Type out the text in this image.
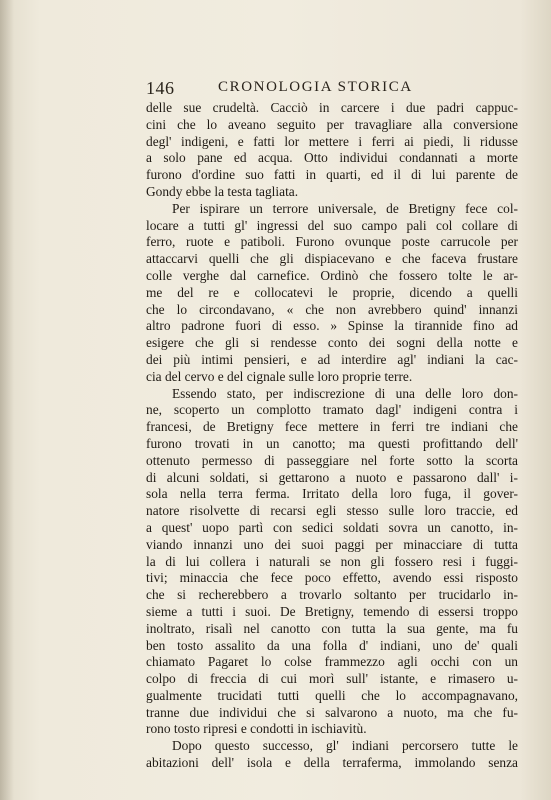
146	CRONOLOGIA STORICA
delle sue crudeltà. Cacciò in carcere i due padri cappuc-
cini che lo aveano seguito per travagliare alla conversione
degl' indigeni, e fatti lor mettere i ferri ai piedi, li ridusse
a solo pane ed acqua. Otto individui condannati a morte
furono d'ordine suo fatti in quarti, ed il di lui parente de
Gondy ebbe la testa tagliata.
Per ispirare un terrore universale, de Bretigny fece col-
locare a tutti gl' ingressi del suo campo pali col collare di
ferro, ruote e patiboli. Furono ovunque poste carrucole per
attaccarvi quelli che gli dispiacevano e che faceva frustare
colle verghe dal carnefice. Ordinò che fossero tolte le ar-
me del re e collocatevi le proprie, dicendo a quelli
che lo circondavano, « che non avrebbero quind' innanzi
altro padrone fuori di esso. » Spinse la tirannide fino ad
esigere che gli si rendesse conto dei sogni della notte e
dei più intimi pensieri, e ad interdire agl' indiani la cac-
cia del cervo e del cignale sulle loro proprie terre.
Essendo stato, per indiscrezione di una delle loro don-
ne, scoperto un complotto tramato dagl' indigeni contra i
francesi, de Bretigny fece mettere in ferri tre indiani che
furono trovati in un canotto; ma questi profittando dell'
ottenuto permesso di passeggiare nel forte sotto la scorta
di alcuni soldati, si gettarono a nuoto e passarono dall' i-
sola nella terra ferma. Irritato della loro fuga, il gover-
natore risolvette di recarsi egli stesso sulle loro traccie, ed
a quest' uopo partì con sedici soldati sovra un canotto, in-
viando innanzi uno dei suoi paggi per minacciare di tutta
la di lui collera i naturali se non gli fossero resi i fuggi-
tivi; minaccia che fece poco effetto, avendo essi risposto
che si recherebbero a trovarlo soltanto per trucidarlo in-
sieme a tutti i suoi. De Bretigny, temendo di essersi troppo
inoltrato, risalì nel canotto con tutta la sua gente, ma fu
ben tosto assalito da una folla d' indiani, uno de' quali
chiamato Pagaret lo colse frammezzo agli occhi con un
colpo di freccia di cui morì sull' istante, e rimasero u-
gualmente trucidati tutti quelli che lo accompagnavano,
tranne due individui che si salvarono a nuoto, ma che fu-
rono tosto ripresi e condotti in ischiavitù.
Dopo questo successo, gl' indiani percorsero tutte le
abitazioni dell' isola e della terraferma, immolando senza
